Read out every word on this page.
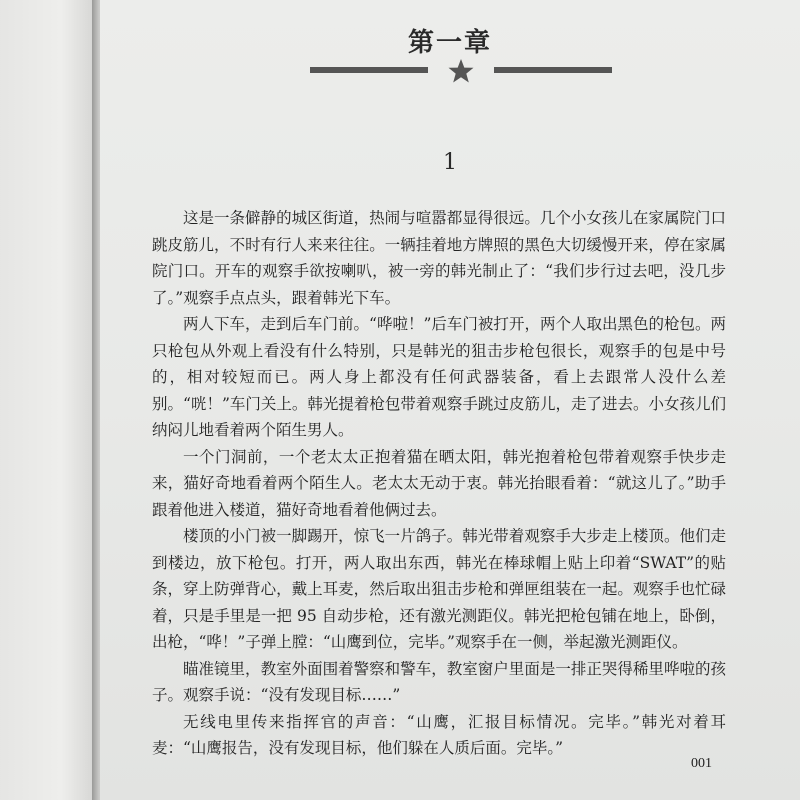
第一章
1

这是一条僻静的城区街道，热闹与喧嚣都显得很远。几个小女孩儿在家属院门口跳皮筋儿，不时有行人来来往往。一辆挂着地方牌照的黑色大切缓慢开来，停在家属院门口。开车的观察手欲按喇叭，被一旁的韩光制止了：“我们步行过去吧，没几步了。”观察手点点头，跟着韩光下车。

两人下车，走到后车门前。“哗啦！”后车门被打开，两个人取出黑色的枪包。两只枪包从外观上看没有什么特别，只是韩光的狙击步枪包很长，观察手的包是中号的，相对较短而已。两人身上都没有任何武器装备，看上去跟常人没什么差别。“咣！”车门关上。韩光提着枪包带着观察手跳过皮筋儿，走了进去。小女孩儿们纳闷儿地看着两个陌生男人。

一个门洞前，一个老太太正抱着猫在晒太阳，韩光抱着枪包带着观察手快步走来，猫好奇地看着两个陌生人。老太太无动于衷。韩光抬眼看着：“就这儿了。”助手跟着他进入楼道，猫好奇地看着他俩过去。

楼顶的小门被一脚踢开，惊飞一片鸽子。韩光带着观察手大步走上楼顶。他们走到楼边，放下枪包。打开，两人取出东西，韩光在棒球帽上贴上印着“SWAT”的贴条，穿上防弹背心，戴上耳麦，然后取出狙击步枪和弹匣组装在一起。观察手也忙碌着，只是手里是一把 95 自动步枪，还有激光测距仪。韩光把枪包铺在地上，卧倒，出枪，“哗！”子弹上膛：“山鹰到位，完毕。”观察手在一侧，举起激光测距仪。

瞄准镜里，教室外面围着警察和警车，教室窗户里面是一排正哭得稀里哗啦的孩子。观察手说：“没有发现目标……”

无线电里传来指挥官的声音：“山鹰，汇报目标情况。完毕。”韩光对着耳麦：“山鹰报告，没有发现目标，他们躲在人质后面。完毕。”

001
